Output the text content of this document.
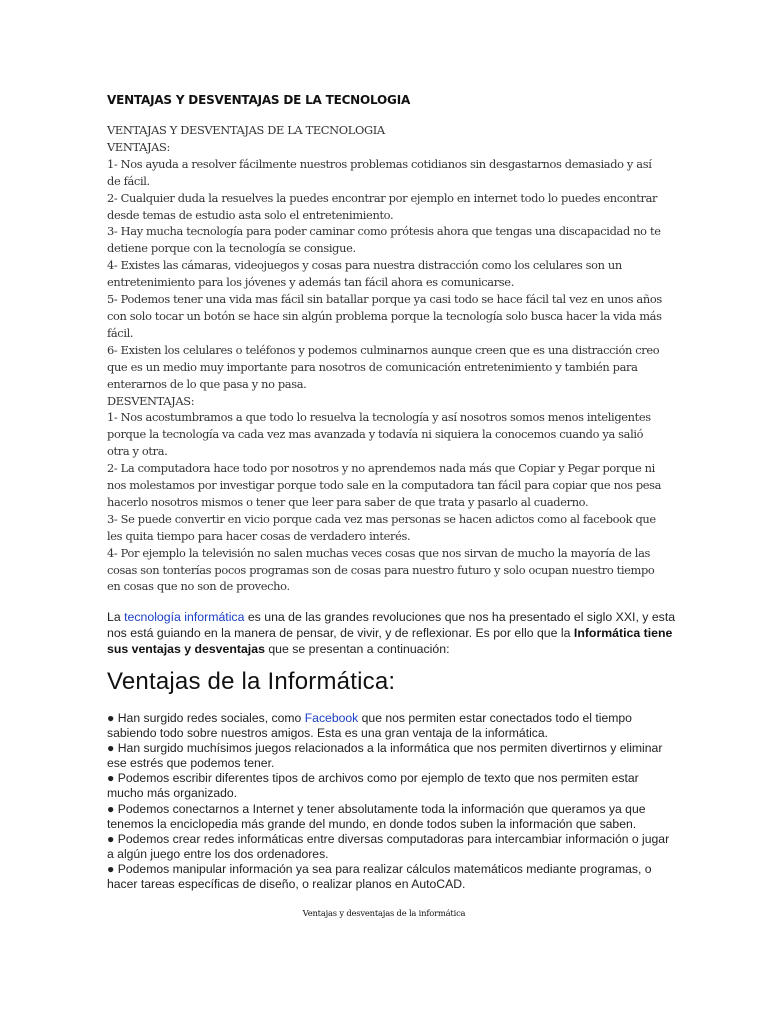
VENTAJAS Y DESVENTAJAS DE LA TECNOLOGIA

VENTAJAS Y DESVENTAJAS DE LA TECNOLOGIA

VENTAJAS:

1- Nos ayuda a resolver fácilmente nuestros problemas cotidianos sin desgastarnos demasiado y así de fácil.

2- Cualquier duda la resuelves la puedes encontrar por ejemplo en internet todo lo puedes encontrar desde temas de estudio asta solo el entretenimiento.

3- Hay mucha tecnología para poder caminar como prótesis ahora que tengas una discapacidad no te detiene porque con la tecnología se consigue.

4- Existes las cámaras, videojuegos y cosas para nuestra distracción como los celulares son un entretenimiento para los jóvenes y además tan fácil ahora es comunicarse.

5- Podemos tener una vida mas fácil sin batallar porque ya casi todo se hace fácil tal vez en unos años con solo tocar un botón se hace sin algún problema porque la tecnología solo busca hacer la vida más fácil.

6- Existen los celulares o teléfonos y podemos culminarnos aunque creen que es una distracción creo que es un medio muy importante para nosotros de comunicación entretenimiento y también para enterarnos de lo que pasa y no pasa.

DESVENTAJAS:

1- Nos acostumbramos a que todo lo resuelva la tecnología y así nosotros somos menos inteligentes porque la tecnología va cada vez mas avanzada y todavía ni siquiera la conocemos cuando ya salió otra y otra.

2- La computadora hace todo por nosotros y no aprendemos nada más que Copiar y Pegar porque ni nos molestamos por investigar porque todo sale en la computadora tan fácil para copiar que nos pesa hacerlo nosotros mismos o tener que leer para saber de que trata y pasarlo al cuaderno.

3- Se puede convertir en vicio porque cada vez mas personas se hacen adictos como al facebook que les quita tiempo para hacer cosas de verdadero interés.

4- Por ejemplo la televisión no salen muchas veces cosas que nos sirvan de mucho la mayoría de las cosas son tonterías pocos programas son de cosas para nuestro futuro y solo ocupan nuestro tiempo en cosas que no son de provecho.

La tecnología informática es una de las grandes revoluciones que nos ha presentado el siglo XXI, y esta nos está guiando en la manera de pensar, de vivir, y de reflexionar. Es por ello que la Informática tiene sus ventajas y desventajas que se presentan a continuación:

Ventajas de la Informática:
● Han surgido redes sociales, como Facebook que nos permiten estar conectados todo el tiempo sabiendo todo sobre nuestros amigos. Esta es una gran ventaja de la informática.
● Han surgido muchísimos juegos relacionados a la informática que nos permiten divertirnos y eliminar ese estrés que podemos tener.
● Podemos escribir diferentes tipos de archivos como por ejemplo de texto que nos permiten estar mucho más organizado.
● Podemos conectarnos a Internet y tener absolutamente toda la información que queramos ya que tenemos la enciclopedia más grande del mundo, en donde todos suben la información que saben.
● Podemos crear redes informáticas entre diversas computadoras para intercambiar información o jugar a algún juego entre los dos ordenadores.
● Podemos manipular información ya sea para realizar cálculos matemáticos mediante programas, o hacer tareas específicas de diseño, o realizar planos en AutoCAD.

Ventajas y desventajas de la informática
